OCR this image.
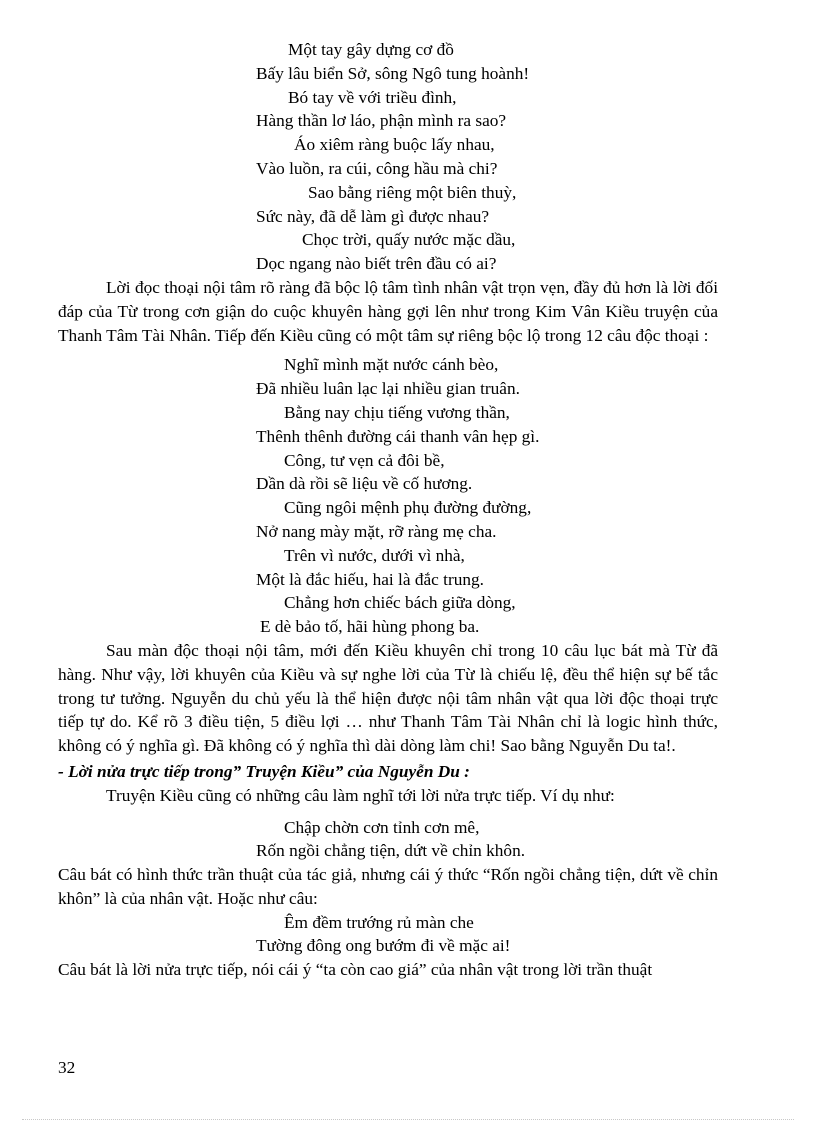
Một tay gây dựng cơ đồ
Bấy lâu biển Sở, sông Ngô tung hoành!
Bó tay về với triều đình,
Hàng thần lơ láo, phận mình ra sao?
Áo xiêm ràng buộc lấy nhau,
Vào luồn, ra cúi, công hầu mà chi?
Sao bằng riêng một biên thuỳ,
Sức này, đã dễ làm gì được nhau?
Chọc trời, quấy nước mặc dầu,
Dọc ngang nào biết trên đầu có ai?

Lời đọc thoại nội tâm rõ ràng đã bộc lộ tâm tình nhân vật trọn vẹn, đầy đủ hơn là lời đối đáp của Từ trong cơn giận do cuộc khuyên hàng gợi lên như trong Kim Vân Kiều truyện của Thanh Tâm Tài Nhân. Tiếp đến Kiều cũng có một tâm sự riêng bộc lộ trong 12 câu độc thoại :

Nghĩ mình mặt nước cánh bèo,
Đã nhiều luân lạc lại nhiều gian truân.
Bằng nay chịu tiếng vương thần,
Thênh thênh đường cái thanh vân hẹp gì.
Công, tư vẹn cả đôi bề,
Dần dà rồi sẽ liệu về cố hương.
Cũng ngôi mệnh phụ đường đường,
Nở nang mày mặt, rỡ ràng mẹ cha.
Trên vì nước, dưới vì nhà,
Một là đắc hiếu, hai là đắc trung.
Chẳng hơn chiếc bách giữa dòng,
E dè bảo tố, hãi hùng phong ba.

Sau màn độc thoại nội tâm, mới đến Kiều khuyên chỉ trong 10 câu lục bát mà Từ đã hàng. Như vậy, lời khuyên của Kiều và sự nghe lời của Từ là chiếu lệ, đều thể hiện sự bế tắc trong tư tưởng. Nguyễn du chủ yếu là thể hiện được nội tâm nhân vật qua lời độc thoại trực tiếp tự do. Kể rõ 3 điều tiện, 5 điều lợi … như Thanh Tâm Tài Nhân chỉ là logic hình thức, không có ý nghĩa gì. Đã không có ý nghĩa thì dài dòng làm chi! Sao bằng Nguyễn Du ta!.

- Lời nửa trực tiếp trong” Truyện Kiều” của Nguyễn Du :

Truyện Kiều cũng có những câu làm nghĩ tới lời nửa trực tiếp. Ví dụ như:

Chập chờn cơn tỉnh cơn mê,
Rốn ngồi chẳng tiện, dứt về chỉn khôn.

Câu bát có hình thức trần thuật của tác giả, nhưng cái ý thức “Rốn ngồi chẳng tiện, dứt về chỉn khôn” là của nhân vật. Hoặc như câu:

Êm đềm trướng rủ màn che
Tường đông ong bướm đi về mặc ai!

Câu bát là lời nửa trực tiếp, nói cái ý “ta còn cao giá” của nhân vật trong lời trần thuật

32
